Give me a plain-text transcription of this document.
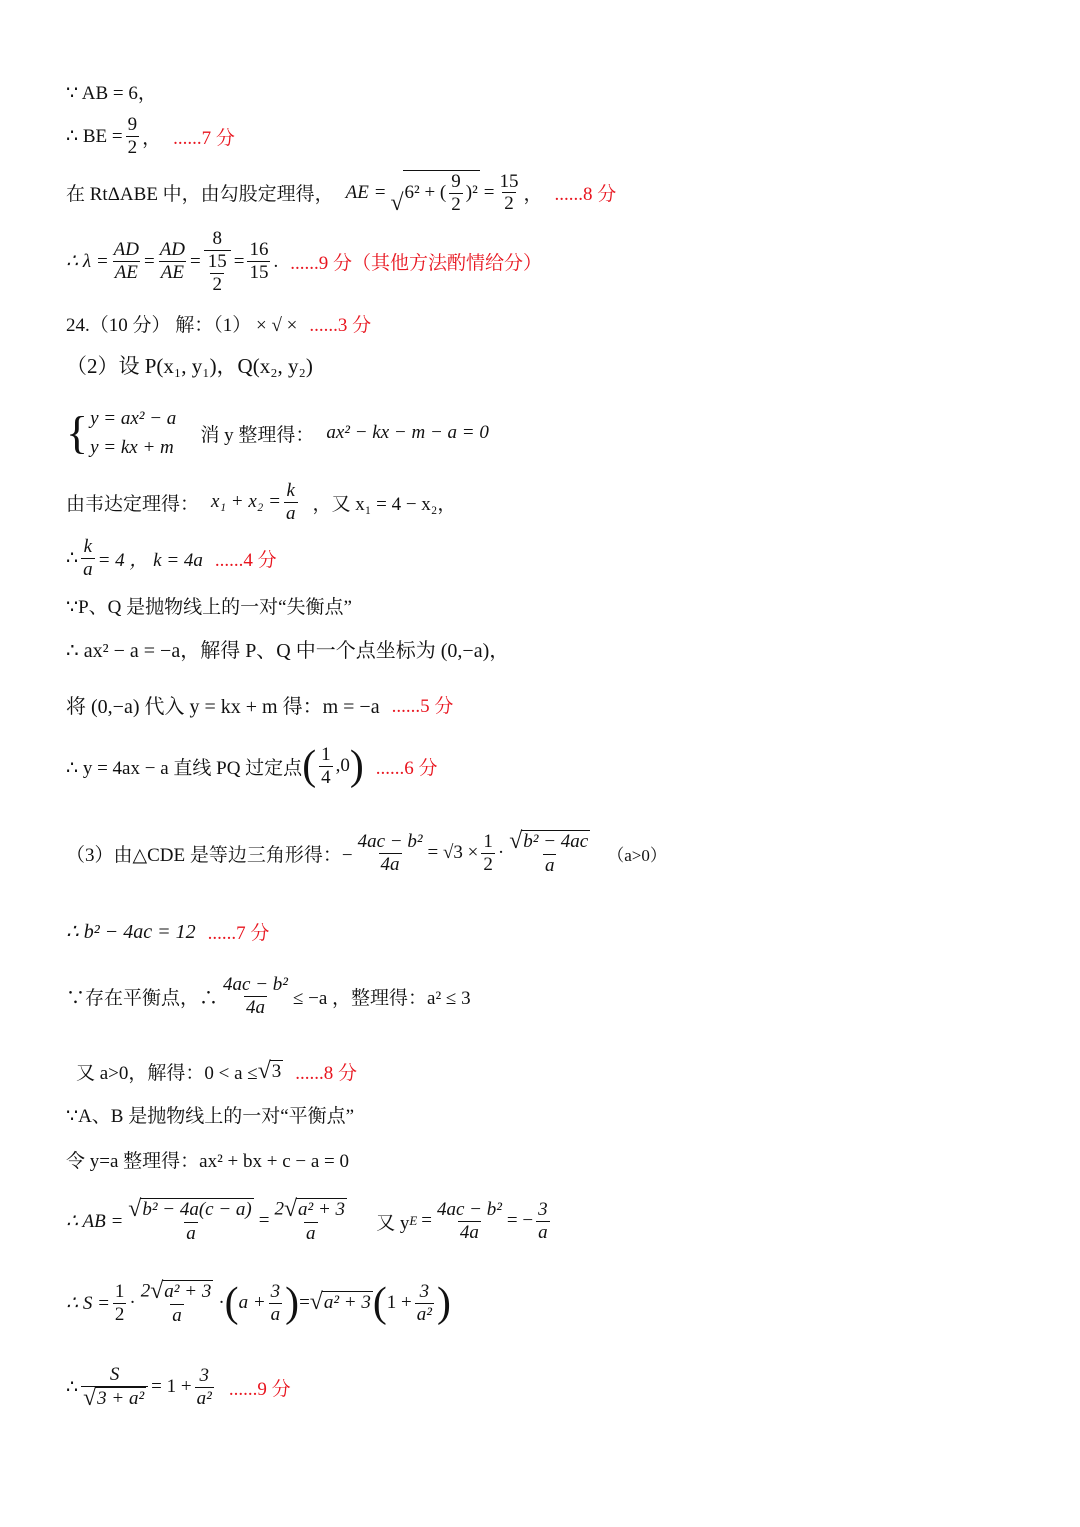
∵ AB = 6，
∴ BE = $\frac{9}{2}$ ， ......7 分
在 RtΔABE 中，由勾股定理得， AE = √ 6² + ( $\frac{9}{2} )^2 = \frac{15}{2}$ ， ......8 分
∴ $\lambda = \frac{AD}{AE} = \frac{AD}{AE} = \frac{8}{\frac{15}{2}} = \frac{16}{15}$ . ......9 分（其他方法酌情给分）
24.（10 分） 解：（1） × √ × ......3 分
（2）设 P(x₁, y₁)，Q(x₂, y₂)
{ y = ax² − a
y = kx + m
消 y 整理得： ax² − kx − m − a = 0
由韦达定理得： $x_1 + x_2 = \frac{k}{a}$ ，又 x₁ = 4 − x₂，
∴ $\frac{k}{a} = 4$ ， k = 4a ......4 分
∵P、Q 是抛物线上的一对“失衡点”
∴ ax² − a = −a，解得 P、Q 中一个点坐标为 (0,−a)，
将 (0,−a) 代入 y = kx + m 得：m = −a ......5 分
∴ y = 4ax − a 直线 PQ 过定点 ( $\frac{1}{4} ,0$ ) ......6 分
（3）由△CDE 是等边三角形得：− $\frac{\text{4ac − b²}}{4a} = √3 \times \frac{1}{2} \cdot \frac{\text{√ b² − 4ac}}{a} (a>0)$
∴ b² − 4ac = 12 ......7 分
∵存在平衡点，∴ $\frac{\text{4ac − b²}}{4a} \le -a$ ，整理得：a² ≤ 3
又 a>0，解得：0 < a ≤ √ 3 ......8 分
∵A、B 是抛物线上的一对“平衡点”
令 y=a 整理得：ax² + bx + c − a = 0
∴ AB = $\frac{\text{√ b² − 4a(c − a)}}{a} = \frac{\text{2 √ a² + 3}}{a}$ 又 y $E = \frac{\text{4ac − b²}}{4a}$ = − $\frac{3}{a}$
∴ $S = \frac{1}{2} \cdot \frac{\text{2 √ a² + 3}}{a}$ · ( $a + \frac{3}{a}$ ) = √ a² + 3 ( $1 + \frac{3}{\text{a²}}$ )
∴ $\frac{S}{\text{√ 3 + a²}} = 1 + \frac{3}{\text{a²}} ......9$ 分
